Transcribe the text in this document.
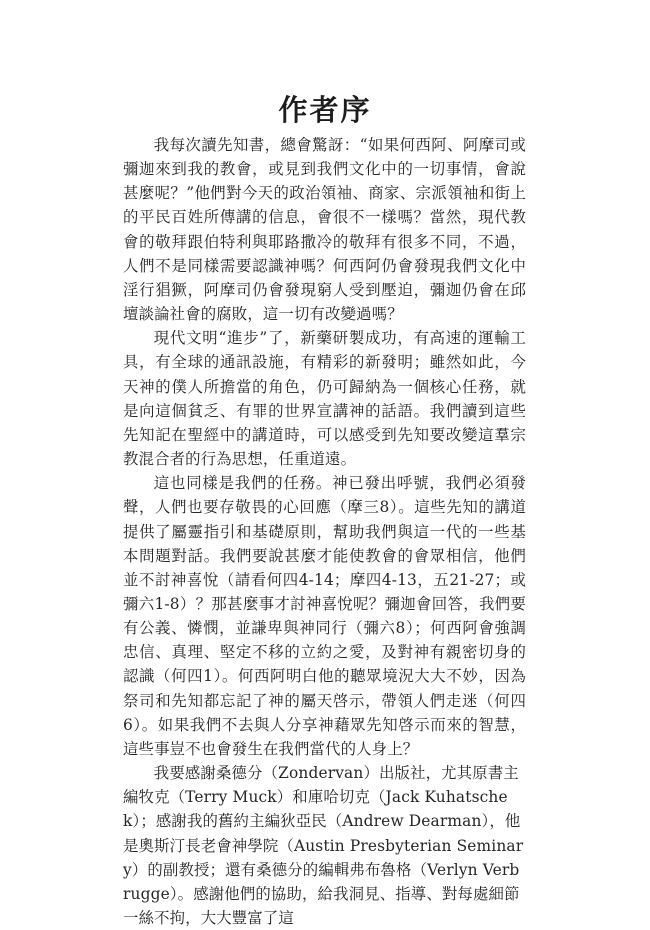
作者序

我每次讀先知書，總會驚訝：“如果何西阿、阿摩司或彌迦來到我的教會，或見到我們文化中的一切事情，會說甚麼呢？”他們對今天的政治領袖、商家、宗派領袖和街上的平民百姓所傳講的信息，會很不一樣嗎？當然，現代教會的敬拜跟伯特利與耶路撒冷的敬拜有很多不同，不過，人們不是同樣需要認識神嗎？何西阿仍會發現我們文化中淫行猖獗，阿摩司仍會發現窮人受到壓迫，彌迦仍會在邱壇談論社會的腐敗，這一切有改變過嗎？

現代文明“進步”了，新藥研製成功，有高速的運輸工具，有全球的通訊設施，有精彩的新發明；雖然如此，今天神的僕人所擔當的角色，仍可歸納為一個核心任務，就是向這個貧乏、有罪的世界宣講神的話語。我們讀到這些先知記在聖經中的講道時，可以感受到先知要改變這羣宗教混合者的行為思想，任重道遠。

這也同樣是我們的任務。神已發出呼號，我們必須發聲，人們也要存敬畏的心回應（摩三8）。這些先知的講道提供了屬靈指引和基礎原則，幫助我們與這一代的一些基本問題對話。我們要說甚麼才能使教會的會眾相信，他們並不討神喜悅（請看何四4-14；摩四4-13，五21-27；或彌六1-8）？那甚麼事才討神喜悅呢？彌迦會回答，我們要有公義、憐憫，並謙卑與神同行（彌六8）；何西阿會強調忠信、真理、堅定不移的立約之愛，及對神有親密切身的認識（何四1）。何西阿明白他的聽眾境況大大不妙，因為祭司和先知都忘記了神的屬天啓示，帶領人們走迷（何四6）。如果我們不去與人分享神藉眾先知啓示而來的智慧，這些事豈不也會發生在我們當代的人身上？

我要感謝桑德分（Zondervan）出版社，尤其原書主編牧克（Terry Muck）和庫哈切克（Jack Kuhatschek）；感謝我的舊約主編狄亞民（Andrew Dearman），他是奧斯汀長老會神學院（Austin Presbyterian Seminary）的副教授；還有桑德分的編輯弗布魯格（Verlyn Verbrugge）。感謝他們的協助，給我洞見、指導、對每處細節一絲不拘，大大豐富了這
